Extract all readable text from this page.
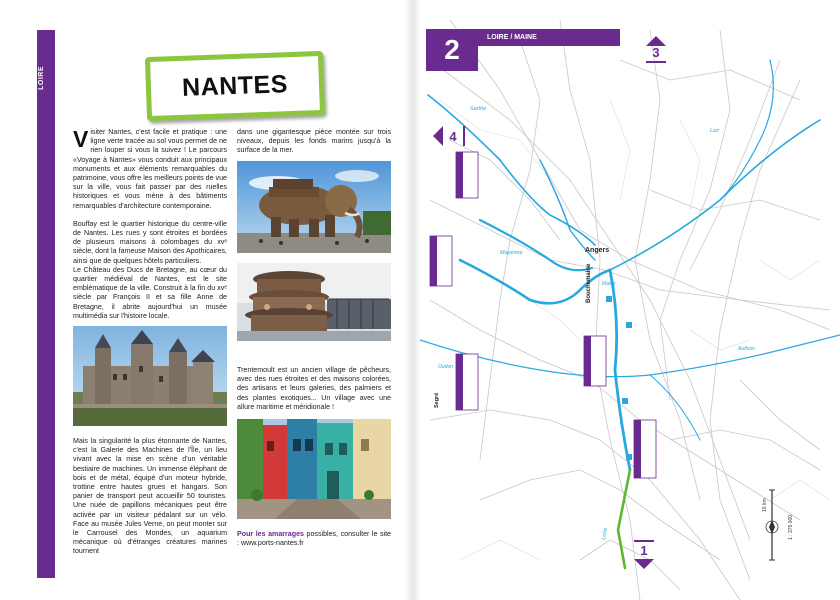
LOIRE	NANTES

Visiter Nantes, c'est facile et pratique : une ligne verte tracée au sol vous permet de ne rien louper si vous la suivez ! Le parcours «Voyage à Nantes» vous conduit aux principaux monuments et aux éléments remarquables du patrimoine, vous offre les meilleurs points de vue sur la ville, vous fait passer par des ruelles historiques et vous mène à des bâtiments remarquables d'architecture contemporaine.

Bouffay est le quartier historique du centre-ville de Nantes. Les rues y sont étroites et bordées de plusieurs maisons à colombages du xvᵉ siècle, dont la fameuse Maison des Apothicaires, ainsi que de quelques hôtels particuliers.

Le Château des Ducs de Bretagne, au cœur du quartier médiéval de Nantes, est le site emblématique de la ville. Construit à la fin du xvᵉ siècle par François II et sa fille Anne de Bretagne, il abrite aujourd'hui un musée multimédia sur l'histoire locale.

Mais la singularité la plus étonnante de Nantes, c'est la Galerie des Machines de l'Île, un lieu vivant avec la mise en scène d'un véritable bestiaire de machines. Un immense éléphant de bois et de métal, équipé d'un moteur hybride, trottine entre hautes grues et hangars. Son panier de transport peut accueillir 50 touristes. Une nuée de papillons mécaniques peut être activée par un visiteur pédalant sur un vélo. Face au musée Jules Verne, on peut monter sur le Carrousel des Mondes, un aquarium mécanique où d'étranges créatures marines tournent

dans une gigantesque pièce montée sur trois niveaux, depuis les fonds marins jusqu'à la surface de la mer.

Trentemoult est un ancien village de pêcheurs, avec des rues étroites et des maisons colorées, des artisans et leurs galeries, des palmiers et des plantes exotiques... Un village avec une allure maritime et méridionale !

Pour les amarrages possibles, consulter le site : www.ports-nantes.fr

Angers
Bouchemaine
Mayenne
Sarthe
Loir
Maine
Loire
Authion
Oudon
Segré
15 km
1 : 375 000
2	LOIRE / MAINE
3
4
1
